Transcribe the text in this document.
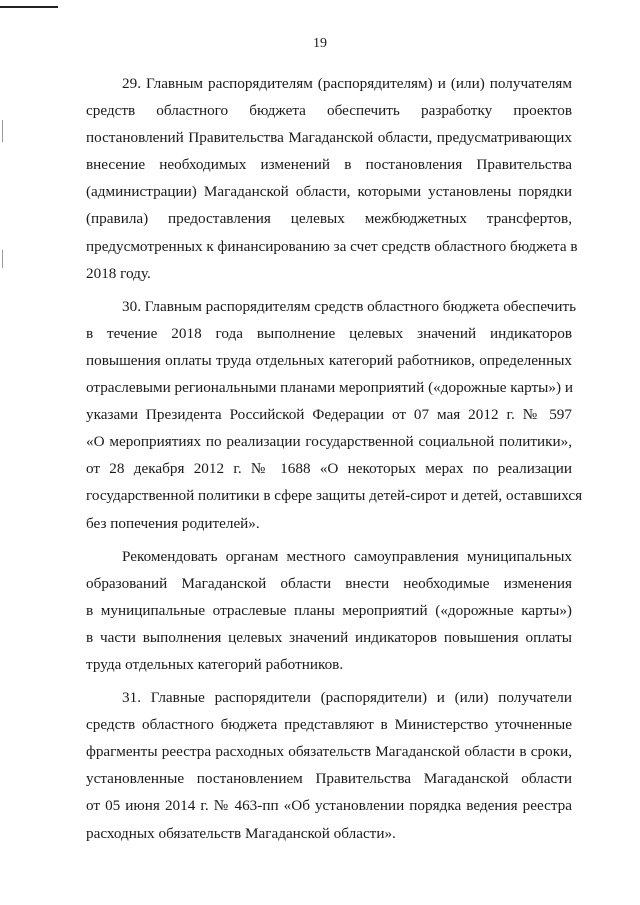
19

29. Главным распорядителям (распорядителям) и (или) получателям
средств областного бюджета обеспечить разработку проектов
постановлений Правительства Магаданской области, предусматривающих
внесение необходимых изменений в постановления Правительства
(администрации) Магаданской области, которыми установлены порядки
(правила) предоставления целевых межбюджетных трансфертов,
предусмотренных к финансированию за счет средств областного бюджета в
2018 году.

30. Главным распорядителям средств областного бюджета обеспечить
в течение 2018 года выполнение целевых значений индикаторов
повышения оплаты труда отдельных категорий работников, определенных
отраслевыми региональными планами мероприятий («дорожные карты») и
указами Президента Российской Федерации от 07 мая 2012 г. № 597
«О мероприятиях по реализации государственной социальной политики»,
от 28 декабря 2012 г. № 1688 «О некоторых мерах по реализации
государственной политики в сфере защиты детей-сирот и детей, оставшихся
без попечения родителей».

Рекомендовать органам местного самоуправления муниципальных
образований Магаданской области внести необходимые изменения
в муниципальные отраслевые планы мероприятий («дорожные карты»)
в части выполнения целевых значений индикаторов повышения оплаты
труда отдельных категорий работников.

31. Главные распорядители (распорядители) и (или) получатели
средств областного бюджета представляют в Министерство уточненные
фрагменты реестра расходных обязательств Магаданской области в сроки,
установленные постановлением Правительства Магаданской области
от 05 июня 2014 г. № 463-пп «Об установлении порядка ведения реестра
расходных обязательств Магаданской области».
